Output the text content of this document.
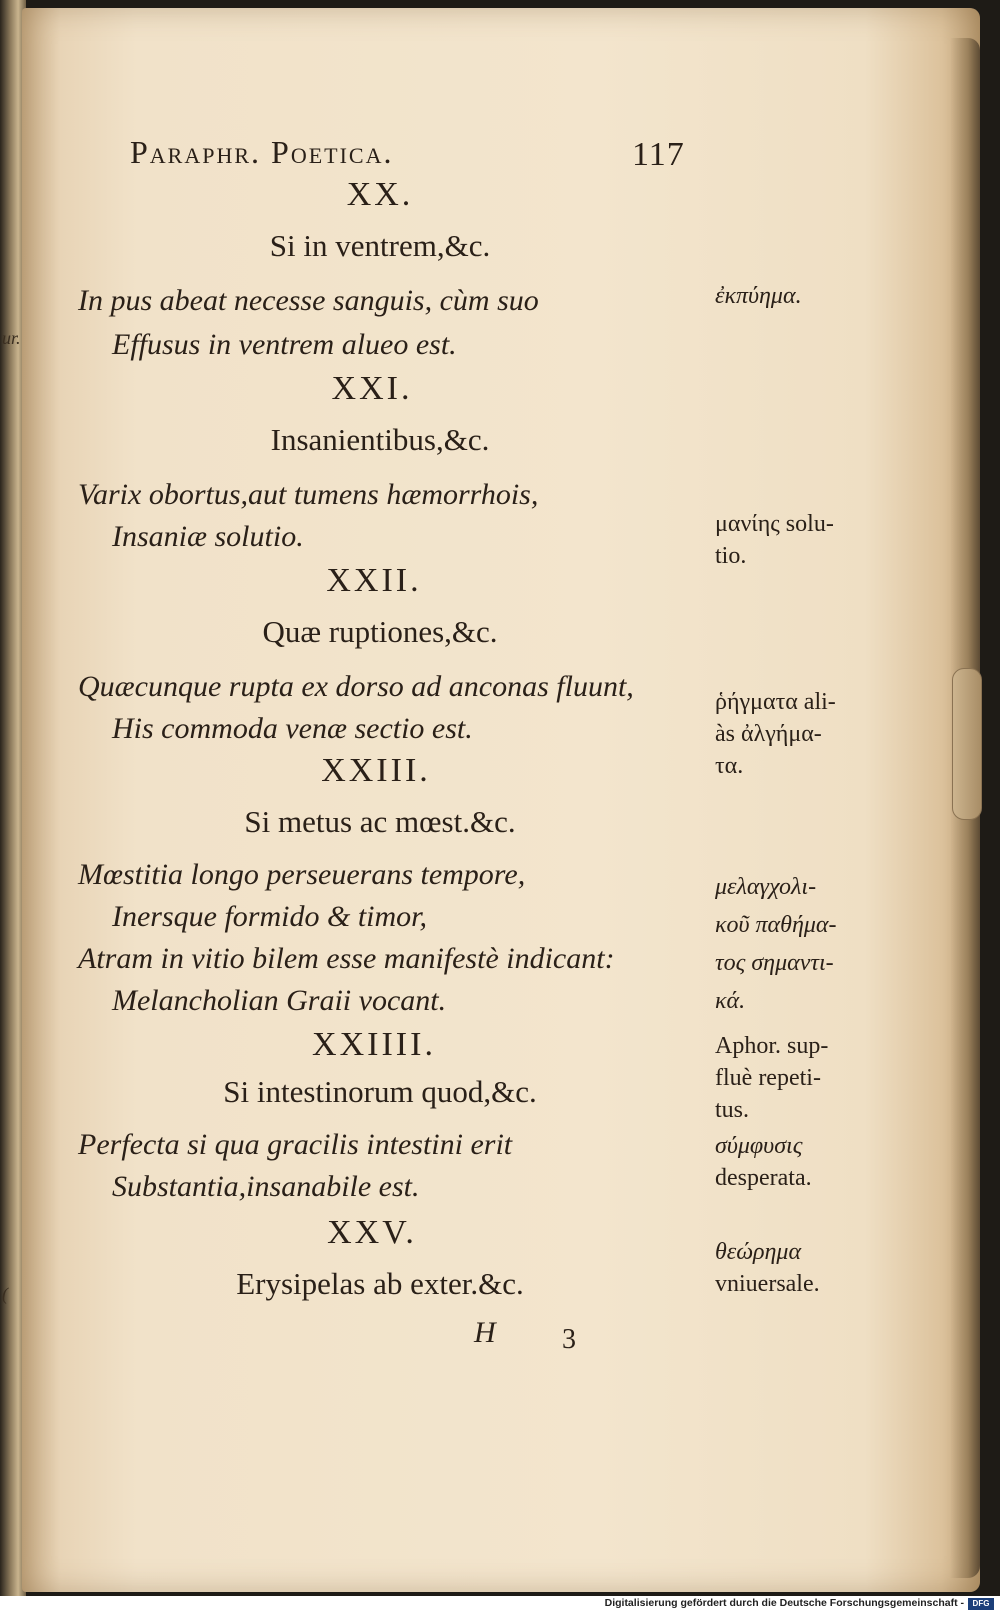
ur.
(
Paraphr. Poetica.	117
XX.
Si in ventrem,&c.
In pus abeat necesse sanguis, cùm suo
Effusus in ventrem alueo est.
XXI.
Insanientibus,&c.
Varix obortus,aut tumens hæmorrhois,
Insaniæ solutio.
XXII.
Quæ ruptiones,&c.
Quæcunque rupta ex dorso ad anconas fluunt,
His commoda venæ sectio est.
XXIII.
Si metus ac mœst.&c.
Mœstitia longo perseuerans tempore,
Inersque formido & timor,
Atram in vitio bilem esse manifestè indicant:
Melancholian Graii vocant.
XXIIII.
Si intestinorum quod,&c.
Perfecta si qua gracilis intestini erit
Substantia,insanabile est.
XXV.
Erysipelas ab exter.&c.
ἐκπύημα.
μανίης solu-
tio.
ῥήγματα ali-
às ἀλγήμα-
τα.
μελαγχολι-
κοῦ παθήμα-
τος σημαντι-
κά.
Aphor. sup-
fluè repeti-
tus.
σύμφυσις
desperata.
θεώρημα
vniuersale.
H 3
Digitalisierung gefördert durch die Deutsche Forschungsgemeinschaft -	DFG
